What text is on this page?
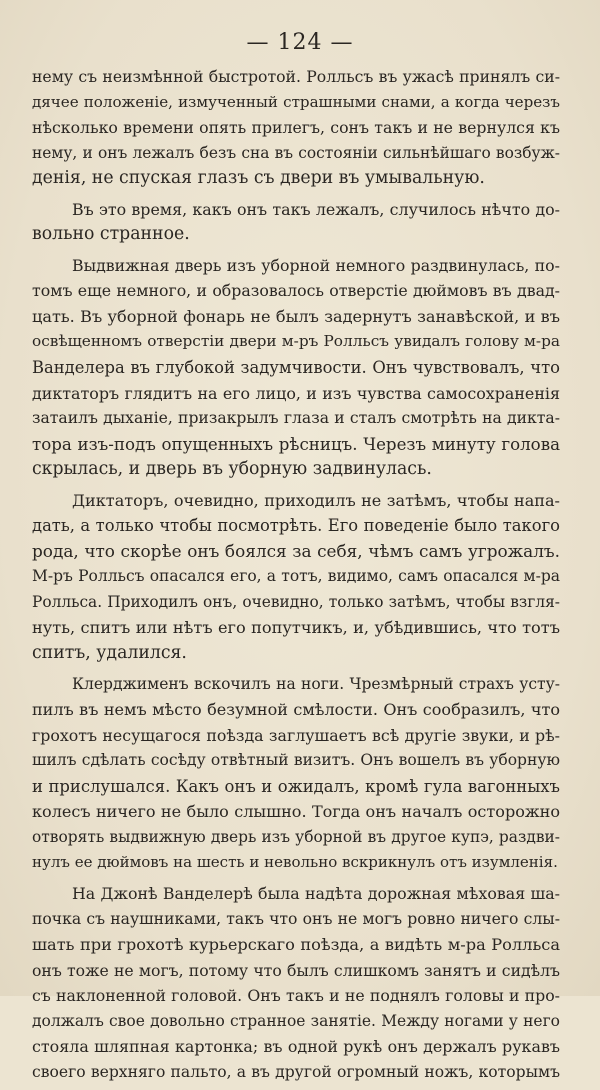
— 124 —
нему съ неизмѣнной быстротой. Ролльсъ въ ужасѣ принялъ си-
дячее положеніе, измученный страшными снами, а когда черезъ
нѣсколько времени опять прилегъ, сонъ такъ и не вернулся къ
нему, и онъ лежалъ безъ сна въ состояніи сильнѣйшаго возбуж-
денія, не спуская глазъ съ двери въ умывальную.
Въ это время, какъ онъ такъ лежалъ, случилось нѣчто до-
вольно странное.
Выдвижная дверь изъ уборной немного раздвинулась, по-
томъ еще немного, и образовалось отверстіе дюймовъ въ двад-
цать. Въ уборной фонарь не былъ задернутъ занавѣской, и въ
освѣщенномъ отверстіи двери м-ръ Ролльсъ увидалъ голову м-ра
Ванделера въ глубокой задумчивости. Онъ чувствовалъ, что
диктаторъ глядитъ на его лицо, и изъ чувства самосохраненія
затаилъ дыханіе, призакрылъ глаза и сталъ смотрѣть на дикта-
тора изъ-подъ опущенныхъ рѣсницъ. Черезъ минуту голова
скрылась, и дверь въ уборную задвинулась.
Диктаторъ, очевидно, приходилъ не затѣмъ, чтобы напа-
дать, а только чтобы посмотрѣть. Его поведеніе было такого
рода, что скорѣе онъ боялся за себя, чѣмъ самъ угрожалъ.
М-ръ Ролльсъ опасался его, а тотъ, видимо, самъ опасался м-ра
Ролльса. Приходилъ онъ, очевидно, только затѣмъ, чтобы взгля-
нуть, спитъ или нѣтъ его попутчикъ, и, убѣдившись, что тотъ
спитъ, удалился.
Клерджименъ вскочилъ на ноги. Чрезмѣрный страхъ усту-
пилъ въ немъ мѣсто безумной смѣлости. Онъ сообразилъ, что
грохотъ несущагося поѣзда заглушаетъ всѣ другіе звуки, и рѣ-
шилъ сдѣлать сосѣду отвѣтный визитъ. Онъ вошелъ въ уборную
и прислушался. Какъ онъ и ожидалъ, кромѣ гула вагонныхъ
колесъ ничего не было слышно. Тогда онъ началъ осторожно
отворять выдвижную дверь изъ уборной въ другое купэ, раздви-
нулъ ее дюймовъ на шесть и невольно вскрикнулъ отъ изумленія.
На Джонѣ Ванделерѣ была надѣта дорожная мѣховая ша-
почка съ наушниками, такъ что онъ не могъ ровно ничего слы-
шать при грохотѣ курьерскаго поѣзда, а видѣть м-ра Ролльса
онъ тоже не могъ, потому что былъ слишкомъ занятъ и сидѣлъ
съ наклоненной головой. Онъ такъ и не поднялъ головы и про-
должалъ свое довольно странное занятіе. Между ногами у него
стояла шляпная картонка; въ одной рукѣ онъ держалъ рукавъ
своего верхняго пальто, а въ другой огромный ножъ, которымъ
